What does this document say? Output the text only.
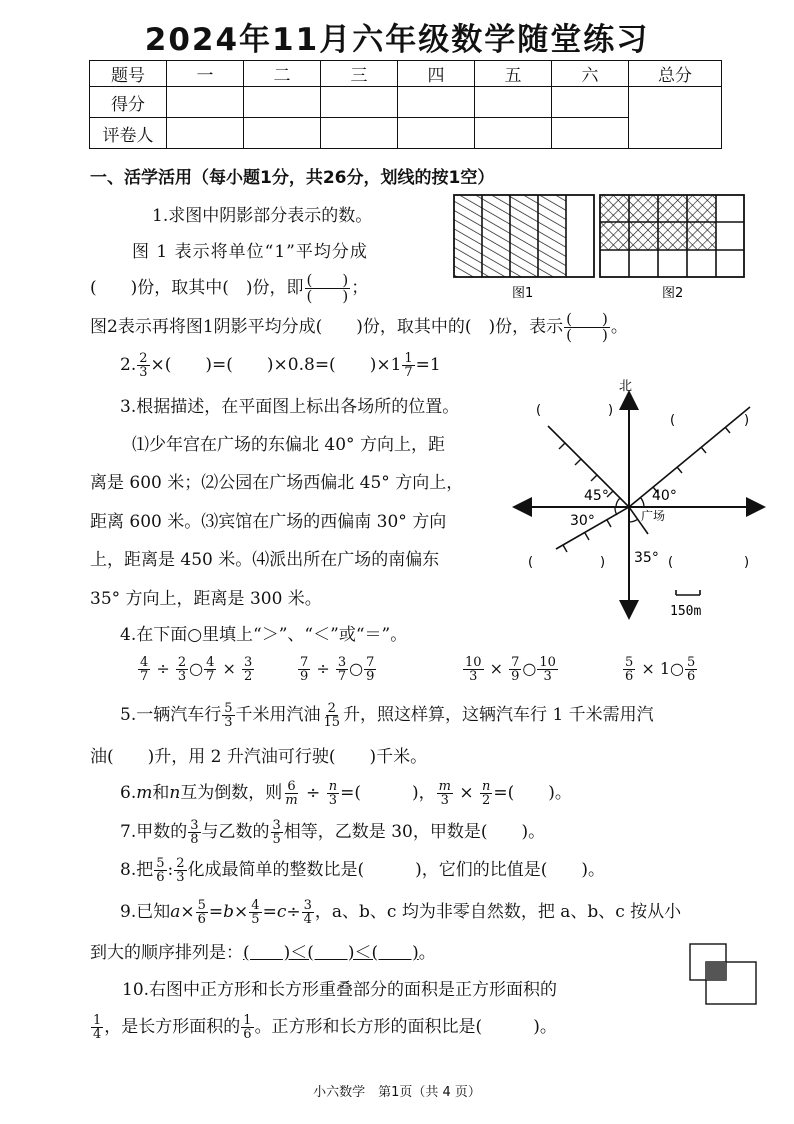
2024年11月六年级数学随堂练习
题号	一	二	三	四	五	六	总分
得分							
评卷人							
一、活学活用（每小题1分，共26分，划线的按1空）
1.求图中阴影部分表示的数。
图 1 表示将单位“1”平均分成
(　　)份，取其中(　)份，即 $\frac{( )}{( )}$ ；
图2表示再将图1阴影平均分成(　　)份，取其中的(　)份，表示 $\frac{( )}{( )}$ 。
图1	图2
2. $\frac{2}{3}$ ×(　　)=(　　)×0.8=(　　)$\times 1 \frac{1}{7} =1$
3.根据描述，在平面图上标出各场所的位置。
⑴少年宫在广场的东偏北 40° 方向上，距
离是 600 米；⑵公园在广场西偏北 45° 方向上，
距离 600 米。⑶宾馆在广场的西偏南 30° 方向
上，距离是 450 米。⑷派出所在广场的南偏东
35° 方向上，距离是 300 米。
北
广场
45°	40°
30°
35°
(	)
(	)
(	)	(	)
150m
4.在下面○里填上“＞”、“＜”或“＝”。
$\frac{4}{7} \div \frac{2}{3}$ ○ $\frac{4}{7} \times \frac{3}{2}$	$\frac{7}{9} \div \frac{3}{7}$ ○ $\frac{7}{9}$	$\frac{10}{3} \times \frac{7}{9}$ ○ $\frac{10}{3}$	$\frac{5}{6}$ × 1○ $\frac{5}{6}$
5.一辆汽车行 $\frac{5}{3}$ 千米用汽油 $\frac{2}{15}$ 升，照这样算，这辆汽车行 1 千米需用汽
油(　　)升，用 2 升汽油可行驶(　　)千米。
6.m和n互为倒数，则 $\frac{6}{m} \div \frac{n}{3}$ =(　　　)， $\frac{m}{3} \times \frac{n}{2}$ =(　　)。
7.甲数的 $\frac{3}{8}$ 与乙数的 $\frac{3}{5}$ 相等，乙数是 30，甲数是(　　)。
8.把 $\frac{5}{6}$ : $\frac{2}{3}$ 化成最简单的整数比是(　　　)，它们的比值是(　　)。
9.已知$a\times \frac{5}{6} =b\times \frac{4}{5} =c\div \frac{3}{4}$ ，a、b、c 均为非零自然数，把 a、b、c 按从小
到大的顺序排列是：(　　)＜(　　)＜(　　)。
10.右图中正方形和长方形重叠部分的面积是正方形面积的
$\frac{1}{4}$ ，是长方形面积的 $\frac{1}{6}$ 。正方形和长方形的面积比是(　　　)。
小六数学　第1页（共 4 页）
